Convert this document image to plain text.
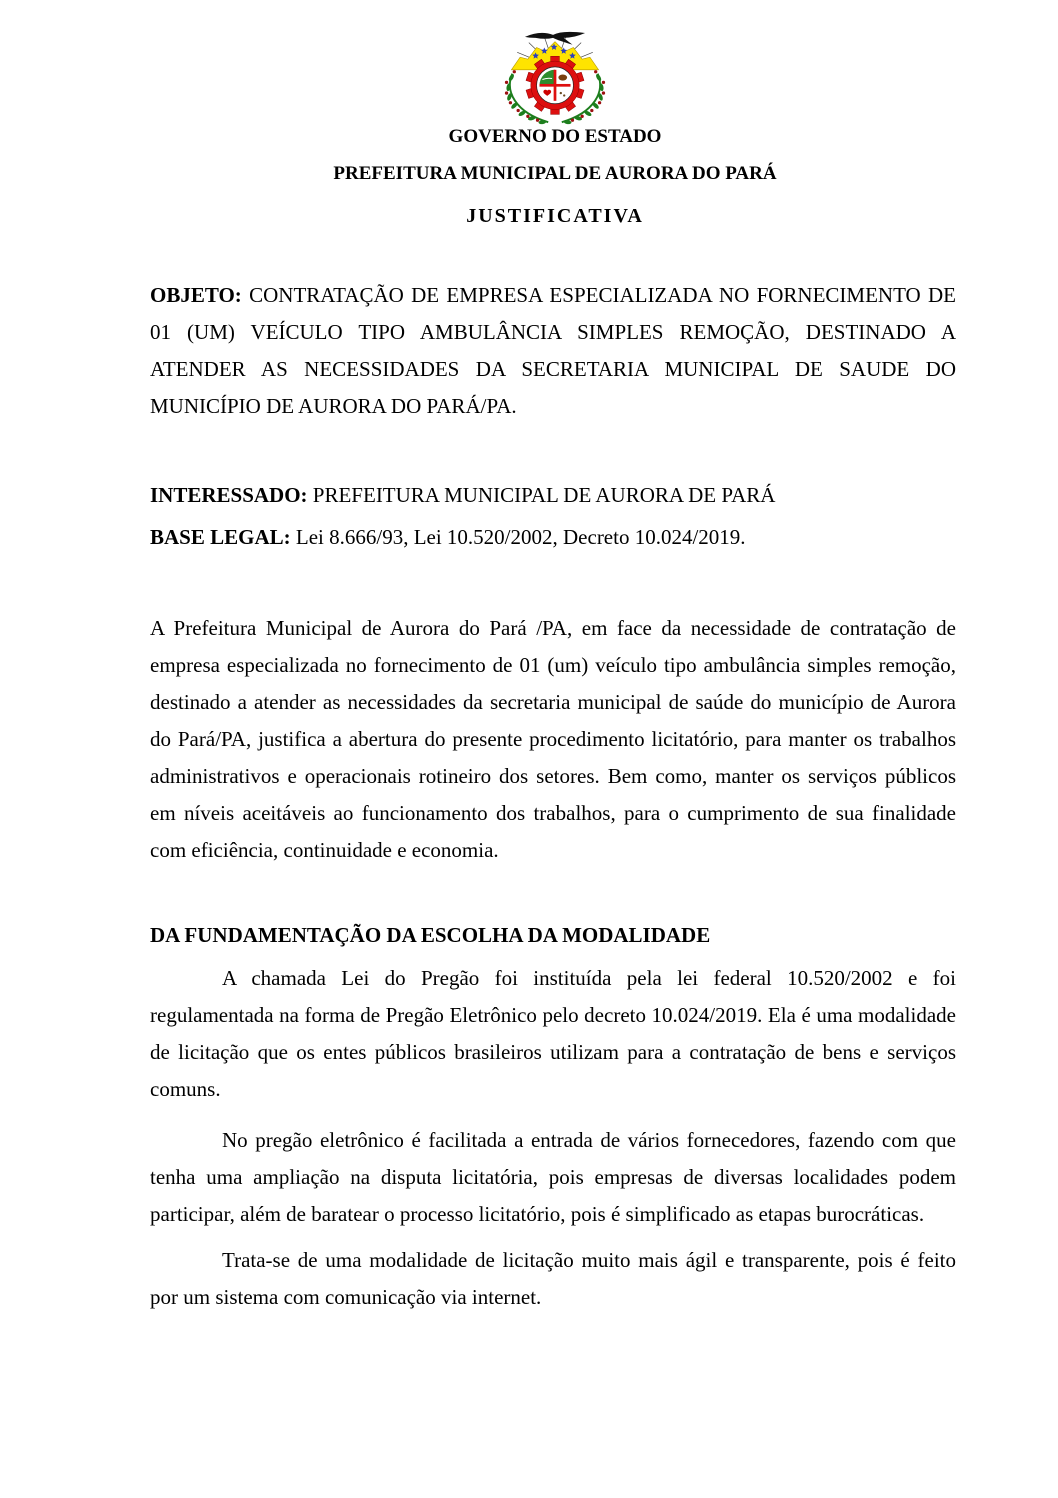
GOVERNO DO ESTADO
PREFEITURA MUNICIPAL DE AURORA DO PARÁ
JUSTIFICATIVA

OBJETO: CONTRATAÇÃO DE EMPRESA ESPECIALIZADA NO FORNECIMENTO DE 01 (UM) VEÍCULO TIPO AMBULÂNCIA SIMPLES REMOÇÃO, DESTINADO A ATENDER AS NECESSIDADES DA SECRETARIA MUNICIPAL DE SAUDE DO MUNICÍPIO DE AURORA DO PARÁ/PA.

INTERESSADO: PREFEITURA MUNICIPAL DE AURORA DE PARÁ

BASE LEGAL: Lei 8.666/93, Lei 10.520/2002, Decreto 10.024/2019.

A Prefeitura Municipal de Aurora do Pará /PA, em face da necessidade de contratação de empresa especializada no fornecimento de 01 (um) veículo tipo ambulância simples remoção, destinado a atender as necessidades da secretaria municipal de saúde do município de Aurora do Pará/PA, justifica a abertura do presente procedimento licitatório, para manter os trabalhos administrativos e operacionais rotineiro dos setores. Bem como, manter os serviços públicos em níveis aceitáveis ao funcionamento dos trabalhos, para o cumprimento de sua finalidade com eficiência, continuidade e economia.

DA FUNDAMENTAÇÃO DA ESCOLHA DA MODALIDADE

A chamada Lei do Pregão foi instituída pela lei federal 10.520/2002 e foi regulamentada na forma de Pregão Eletrônico pelo decreto 10.024/2019. Ela é uma modalidade de licitação que os entes públicos brasileiros utilizam para a contratação de bens e serviços comuns.

No pregão eletrônico é facilitada a entrada de vários fornecedores, fazendo com que tenha uma ampliação na disputa licitatória, pois empresas de diversas localidades podem participar, além de baratear o processo licitatório, pois é simplificado as etapas burocráticas.

Trata-se de uma modalidade de licitação muito mais ágil e transparente, pois é feito por um sistema com comunicação via internet.
